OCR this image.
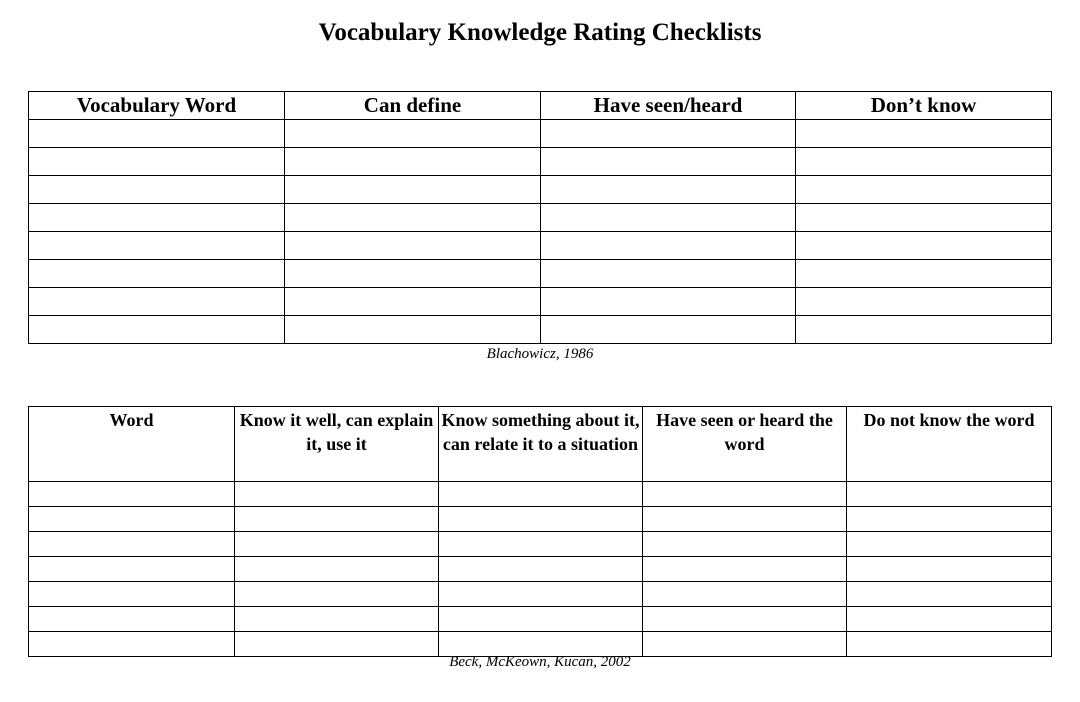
Vocabulary Knowledge Rating Checklists
Vocabulary Word	Can define	Have seen/heard	Don’t know

Blachowicz, 1986
Word	Know it well, can explain it, use it	Know something about it, can relate it to a situation	Have seen or heard the word	Do not know the word

Beck, McKeown, Kucan, 2002
